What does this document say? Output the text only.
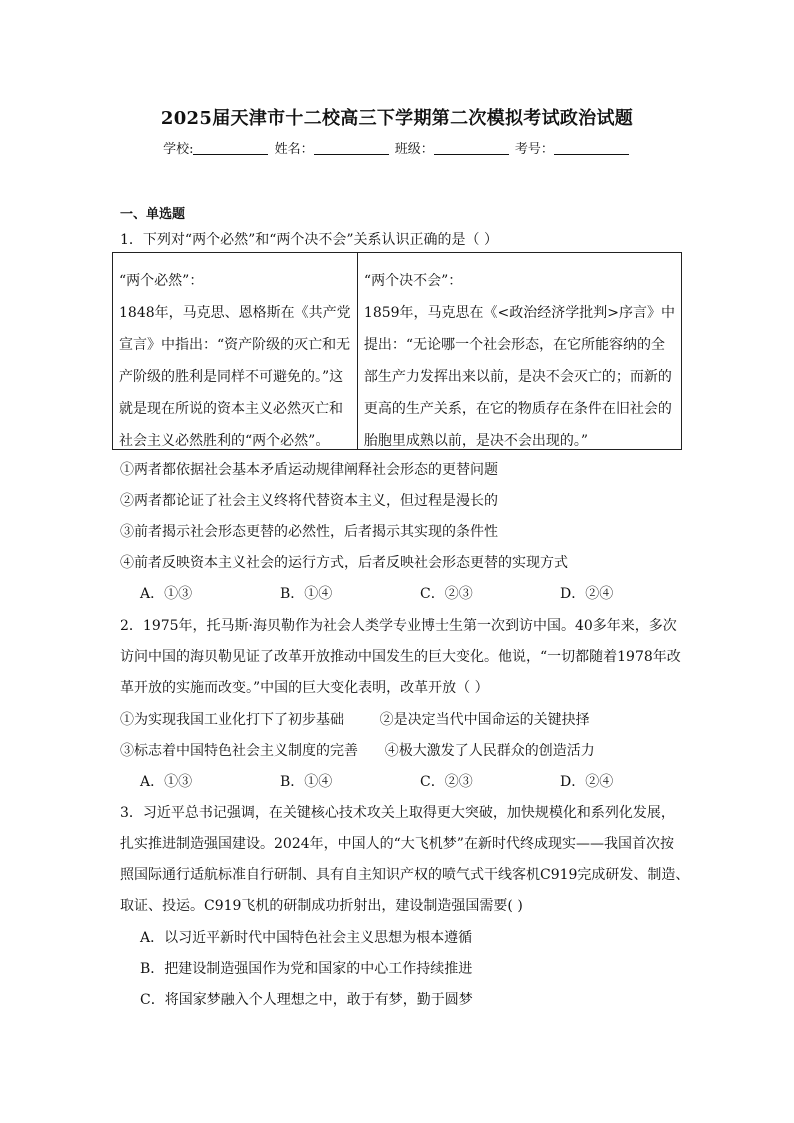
2025届天津市十二校高三下学期第二次模拟考试政治试题
学校:	姓名：	班级：	考号：
一、单选题
1．下列对“两个必然”和“两个决不会”关系认识正确的是（ ）
“两个必然”：
1848年，马克思、恩格斯在《共产党
宣言》中指出：“资产阶级的灭亡和无
产阶级的胜利是同样不可避免的。”这
就是现在所说的资本主义必然灭亡和
社会主义必然胜利的“两个必然”。
“两个决不会”：
1859年，马克思在《<政治经济学批判>序言》中
提出：“无论哪一个社会形态，在它所能容纳的全
部生产力发挥出来以前，是决不会灭亡的；而新的
更高的生产关系，在它的物质存在条件在旧社会的
胎胞里成熟以前，是决不会出现的。”
①两者都依据社会基本矛盾运动规律阐释社会形态的更替问题
②两者都论证了社会主义终将代替资本主义，但过程是漫长的
③前者揭示社会形态更替的必然性，后者揭示其实现的条件性
④前者反映资本主义社会的运行方式，后者反映社会形态更替的实现方式
A．①③	B．①④	C．②③	D．②④
2．1975年，托马斯·海贝勒作为社会人类学专业博士生第一次到访中国。40多年来，多次
访问中国的海贝勒见证了改革开放推动中国发生的巨大变化。他说，“一切都随着1978年改
革开放的实施而改变。”中国的巨大变化表明，改革开放（ ）
①为实现我国工业化打下了初步基础        ②是决定当代中国命运的关键抉择
③标志着中国特色社会主义制度的完善      ④极大激发了人民群众的创造活力
A．①③	B．①④	C．②③	D．②④
3．习近平总书记强调，在关键核心技术攻关上取得更大突破，加快规模化和系列化发展，
扎实推进制造强国建设。2024年，中国人的“大飞机梦”在新时代终成现实——我国首次按
照国际通行适航标准自行研制、具有自主知识产权的喷气式干线客机C919完成研发、制造、
取证、投运。C919飞机的研制成功折射出，建设制造强国需要( )
A．以习近平新时代中国特色社会主义思想为根本遵循
B．把建设制造强国作为党和国家的中心工作持续推进
C．将国家梦融入个人理想之中，敢于有梦，勤于圆梦
